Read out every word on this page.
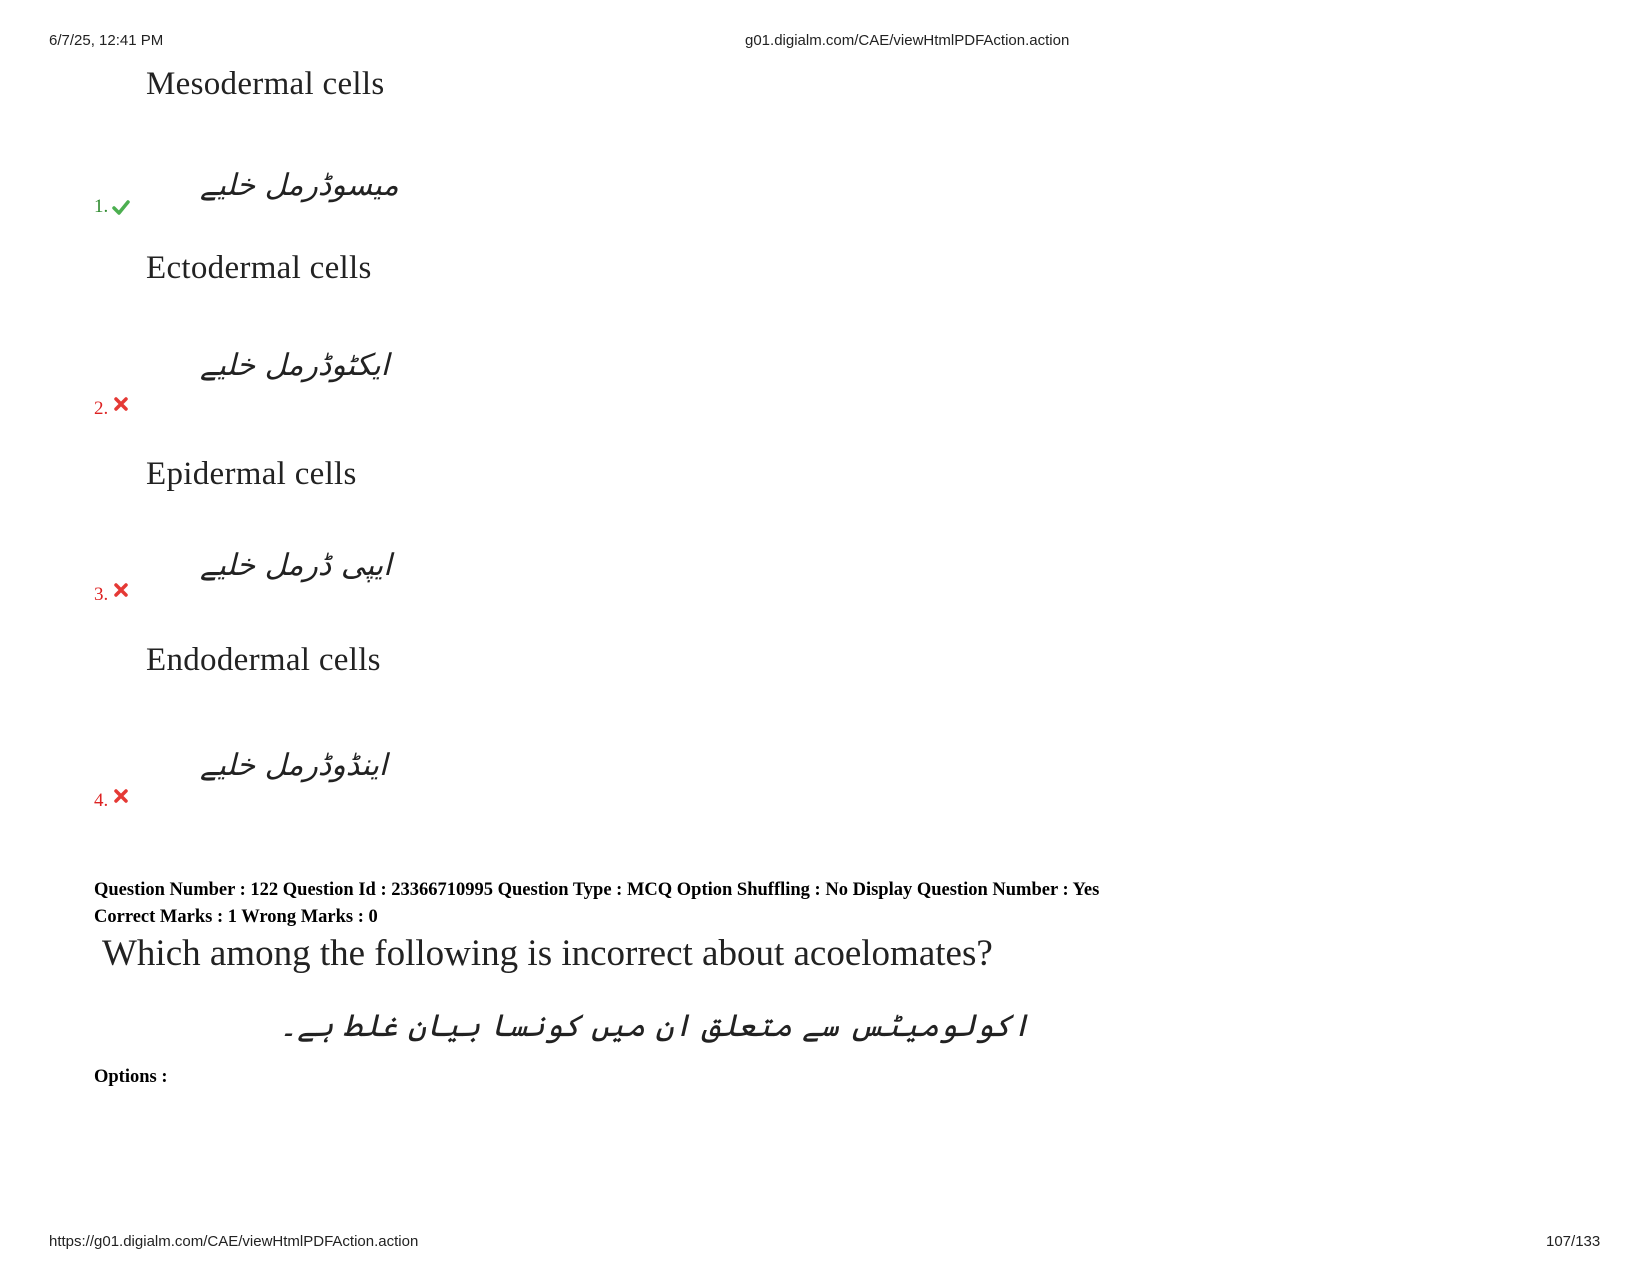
6/7/25, 12:41 PM	g01.digialm.com/CAE/viewHtmlPDFAction.action
Mesodermal cells
میسوڈرمل خلیے
1.
Ectodermal cells
ایکٹوڈرمل خلیے
2.
Epidermal cells
ایپی ڈرمل خلیے
3.
Endodermal cells
اینڈوڈرمل خلیے
4.
Question Number : 122 Question Id : 23366710995 Question Type : MCQ Option Shuffling : No Display Question Number : Yes
Correct Marks : 1 Wrong Marks : 0
Which among the following is incorrect about acoelomates?
اکولومیٹس سے متعلق ان میں کونسا بیان غلط ہے۔
Options :
https://g01.digialm.com/CAE/viewHtmlPDFAction.action	107/133
